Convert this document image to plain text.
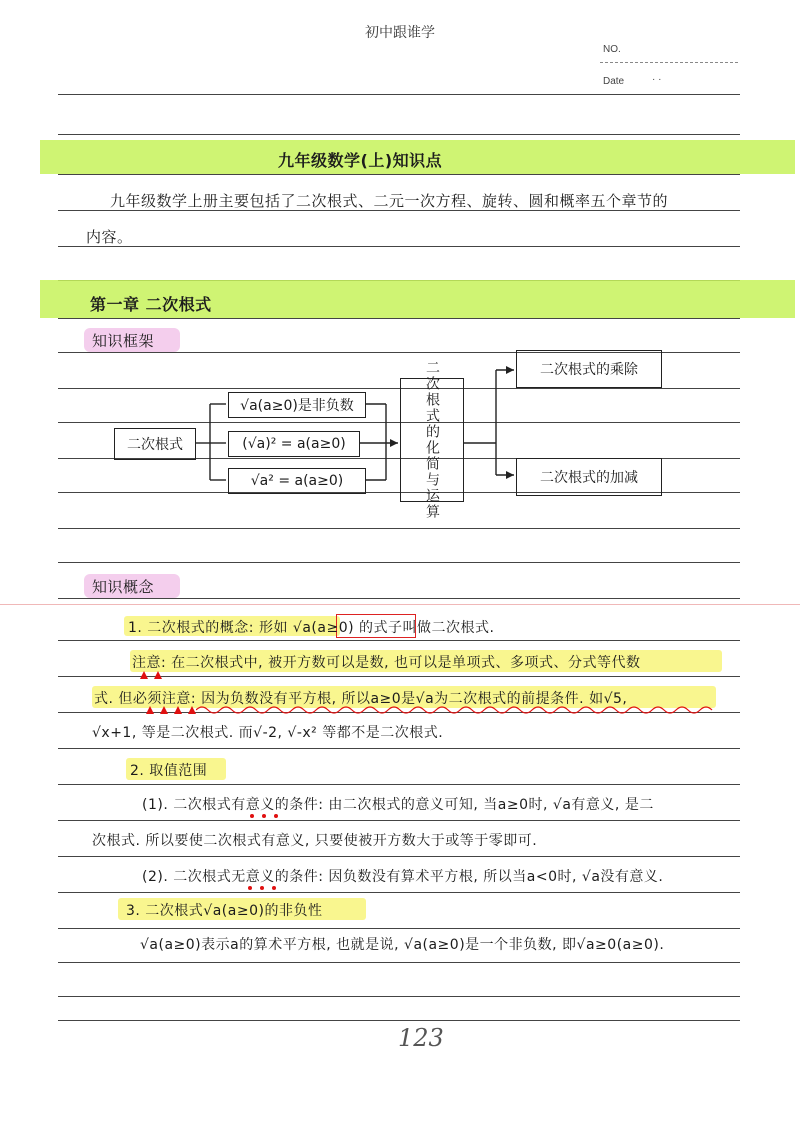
初中跟谁学
NO.
Date	· ·
九年级数学(上)知识点
九年级数学上册主要包括了二次根式、二元一次方程、旋转、圆和概率五个章节的
内容。
第一章 二次根式
知识框架
二次根式
√a(a≥0)是非负数
(√a)² = a(a≥0)
√a² = a(a≥0)	二次根式的化简与运算	二次根式的乘除
二次根式的加减
知识概念
1. 二次根式的概念: 形如 √a(a≥0) 的式子叫做二次根式.
注意: 在二次根式中, 被开方数可以是数, 也可以是单项式、多项式、分式等代数
式. 但必须注意: 因为负数没有平方根, 所以a≥0是√a为二次根式的前提条件. 如√5,
√x+1, 等是二次根式. 而√-2, √-x² 等都不是二次根式.
2. 取值范围
(1). 二次根式有意义的条件: 由二次根式的意义可知, 当a≥0时, √a有意义, 是二
次根式. 所以要使二次根式有意义, 只要使被开方数大于或等于零即可.
(2). 二次根式无意义的条件: 因负数没有算术平方根, 所以当a<0时, √a没有意义.
3. 二次根式√a(a≥0)的非负性
√a(a≥0)表示a的算术平方根, 也就是说, √a(a≥0)是一个非负数, 即√a≥0(a≥0).
123
